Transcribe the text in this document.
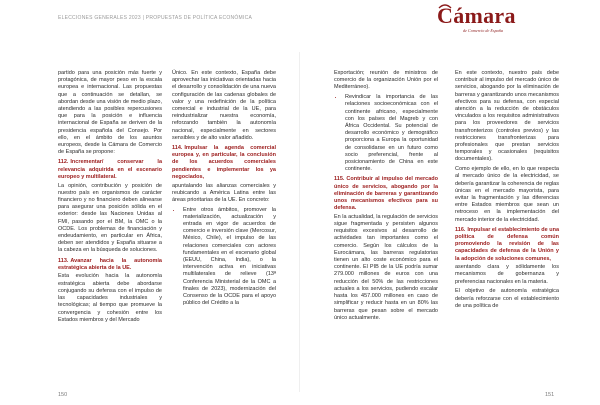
ELECCIONES GENERALES 2023 | PROPUESTAS DE POLÍTICA ECONÓMICA	Cámara
de Comercio de España

partido para una posición más fuerte y protagónica, de mayor peso en la escala europea e internacional. Las propuestas que a continuación se detallan, se abordan desde una visión de medio plazo, atendiendo a las posibles repercusiones que para la posición e influencia internacional de España se deriven de la presidencia española del Consejo. Por ello, en el ámbito de los asuntos europeos, desde la Cámara de Comercio de España se propone:

112. Incrementar/ conservar la relevancia adquirida en el escenario europeo y multilateral.

La opinión, contribución y posición de nuestro país en organismos de carácter financiero y no financiero deben alinearse para asegurar una posición sólida en el exterior: desde las Naciones Unidas al FMI, pasando por el BM, la OMC o la OCDE. Los problemas de financiación y endeudamiento, en particular en África, deben ser atendidos y España situarse a la cabeza en la búsqueda de soluciones.

113. Avanzar hacia la autonomía estratégica abierta de la UE.

Esta evolución hacia la autonomía estratégica abierta debe abordarse conjugando su defensa con el impulso de las capacidades industriales y tecnológicas; al tiempo que promueve la convergencia y cohesión entre los Estados miembros y del Mercado

Único. En este contexto, España debe aprovechar las iniciativas orientadas hacia el desarrollo y consolidación de una nueva configuración de las cadenas globales de valor y una redefinición de la política comercial e industrial de la UE, para reindustrializar nuestra economía, reforzando también la autonomía nacional, especialmente en sectores sensibles y de alto valor añadido.

114. Impulsar la agenda comercial europea y, en particular, la conclusión de los acuerdos comerciales pendientes e implementar los ya negociados,

apuntalando las alianzas comerciales y reubicando a América Latina entre las áreas prioritarias de la UE. En concreto:

• Entre otros ámbitos, promover la materialización, actualización y entrada en vigor de acuerdos de comercio e inversión clave (Mercosur, México, Chile), el impulso de las relaciones comerciales con actores fundamentales en el escenario global (EEUU, China, India), o la intervención activa en iniciativas multilaterales de relieve (13ª Conferencia Ministerial de la OMC a finales de 2023), modernización del Consenso de la OCDE para el apoyo público del Crédito a la

Exportación; reunión de ministros de comercio de la organización Unión por el Mediterráneo).

• Revindicar la importancia de las relaciones socioeconómicas con el continente africano, especialmente con los países del Magreb y con África Occidental. Su potencial de desarrollo económico y demográfico proporciona a Europa la oportunidad de consolidarse en un futuro como socio preferencial, frente al posicionamiento de China en este continente.
115. Contribuir al impulso del mercado único de servicios, abogando por la eliminación de barreras y garantizando unos mecanismos efectivos para su defensa.

En la actualidad, la regulación de servicios sigue fragmentada y persisten algunos requisitos excesivos al desarrollo de actividades tan importantes como el comercio. Según los cálculos de la Eurocámara, las barreras regulatorias tienen un alto coste económico para el continente. El PIB de la UE podría sumar 279.000 millones de euros con una reducción del 50% de las restricciones actuales a los servicios, pudiendo escalar hasta los 457.000 millones en caso de simplificar y reducir hasta en un 80% las barreras que pesan sobre el mercado único actualmente.

En este contexto, nuestro país debe contribuir al impulso del mercado único de servicios, abogando por la eliminación de barreras y garantizando unos mecanismos efectivos para su defensa, con especial atención a la reducción de obstáculos vinculados a los requisitos administrativos para los proveedores de servicios transfronterizos (controles previos) y las restricciones transfronterizas para profesionales que prestan servicios temporales y ocasionales (requisitos documentales).

Como ejemplo de ello, en lo que respecta al mercado único de la electricidad, se debería garantizar la coherencia de reglas únicas en el mercado mayorista, para evitar la fragmentación y las diferencias entre Estados miembros que sean un retroceso en la implementación del mercado interior de la electricidad.

116. Impulsar el establecimiento de una política de defensa común promoviendo la revisión de las capacidades de defensa de la Unión y la adopción de soluciones comunes,

asentando clara y sólidamente los mecanismos de gobernanza y preferencias nacionales en la materia.

El objetivo de autonomía estratégica debería reforzarse con el establecimiento de una política de

150	151
